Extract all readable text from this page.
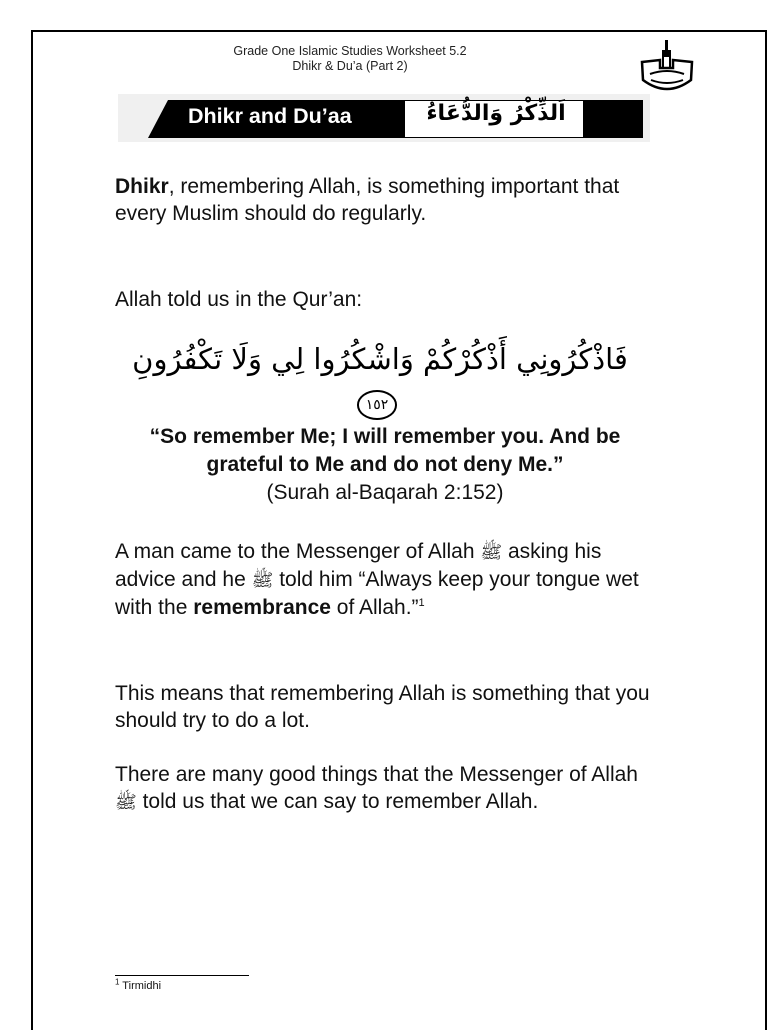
Grade One Islamic Studies Worksheet 5.2
Dhikr & Du’a (Part 2)
Dhikr and Du’aa	اَلذِّكْرُ وَالدُّعَاءُ
Dhikr, remembering Allah, is something important that every Muslim should do regularly.
Allah told us in the Qur’an:
فَاذْكُرُونِي أَذْكُرْكُمْ وَاشْكُرُوا لِي وَلَا تَكْفُرُونِ ١٥٢
“So remember Me; I will remember you. And be grateful to Me and do not deny Me.”
(Surah al-Baqarah 2:152)
A man came to the Messenger of Allah ﷺ asking his advice and he ﷺ told him “Always keep your tongue wet with the remembrance of Allah.”$^1$
This means that remembering Allah is something that you should try to do a lot.
There are many good things that the Messenger of Allah ﷺ told us that we can say to remember Allah.
$^1$ Tirmidhi
